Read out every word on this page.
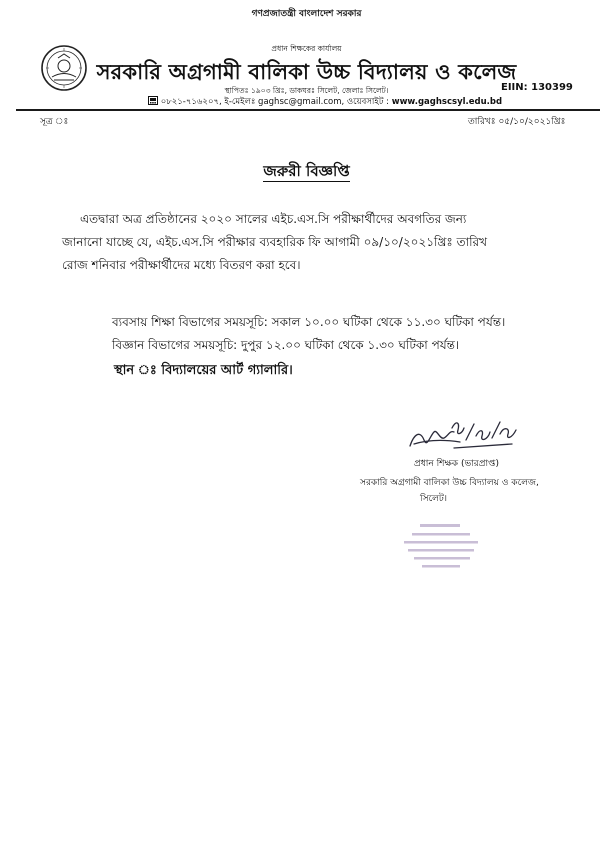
গণপ্রজাতন্ত্রী বাংলাদেশ সরকার
প্রধান শিক্ষকের কার্যালয়
সরকারি অগ্রগামী বালিকা উচ্চ বিদ্যালয় ও কলেজ
স্থাপিতঃ ১৯০৩ খ্রিঃ, ডাকঘরঃ সিলেট, জেলাঃ সিলেট।	EIIN: 130399
০৮২১-৭১৬২০৭, ই-মেইলঃ gaghsc@gmail.com, ওয়েবসাইট : www.gaghscsyl.edu.bd
সূত্র ঃ	তারিখঃ ০৫/১০/২০২১খ্রিঃ
জরুরী বিজ্ঞপ্তি
এতদ্বারা অত্র প্রতিষ্ঠানের ২০২০ সালের এইচ.এস.সি পরীক্ষার্থীদের অবগতির জন্য
জানানো যাচ্ছে যে, এইচ.এস.সি পরীক্ষার ব্যবহারিক ফি আগামী ০৯/১০/২০২১খ্রিঃ তারিখ
রোজ শনিবার পরীক্ষার্থীদের মধ্যে বিতরণ করা হবে।
ব্যবসায় শিক্ষা বিভাগের সময়সূচি: সকাল ১০.০০ ঘটিকা থেকে ১১.৩০ ঘটিকা পর্যন্ত।
বিজ্ঞান বিভাগের সময়সূচি: দুপুর ১২.০০ ঘটিকা থেকে ১.৩০ ঘটিকা পর্যন্ত।
স্থান ঃ বিদ্যালয়ের আর্ট গ্যালারি।
প্রধান শিক্ষক (ভারপ্রাপ্ত)
সরকারি অগ্রগামী বালিকা উচ্চ বিদ্যালয় ও কলেজ,
সিলেট।
